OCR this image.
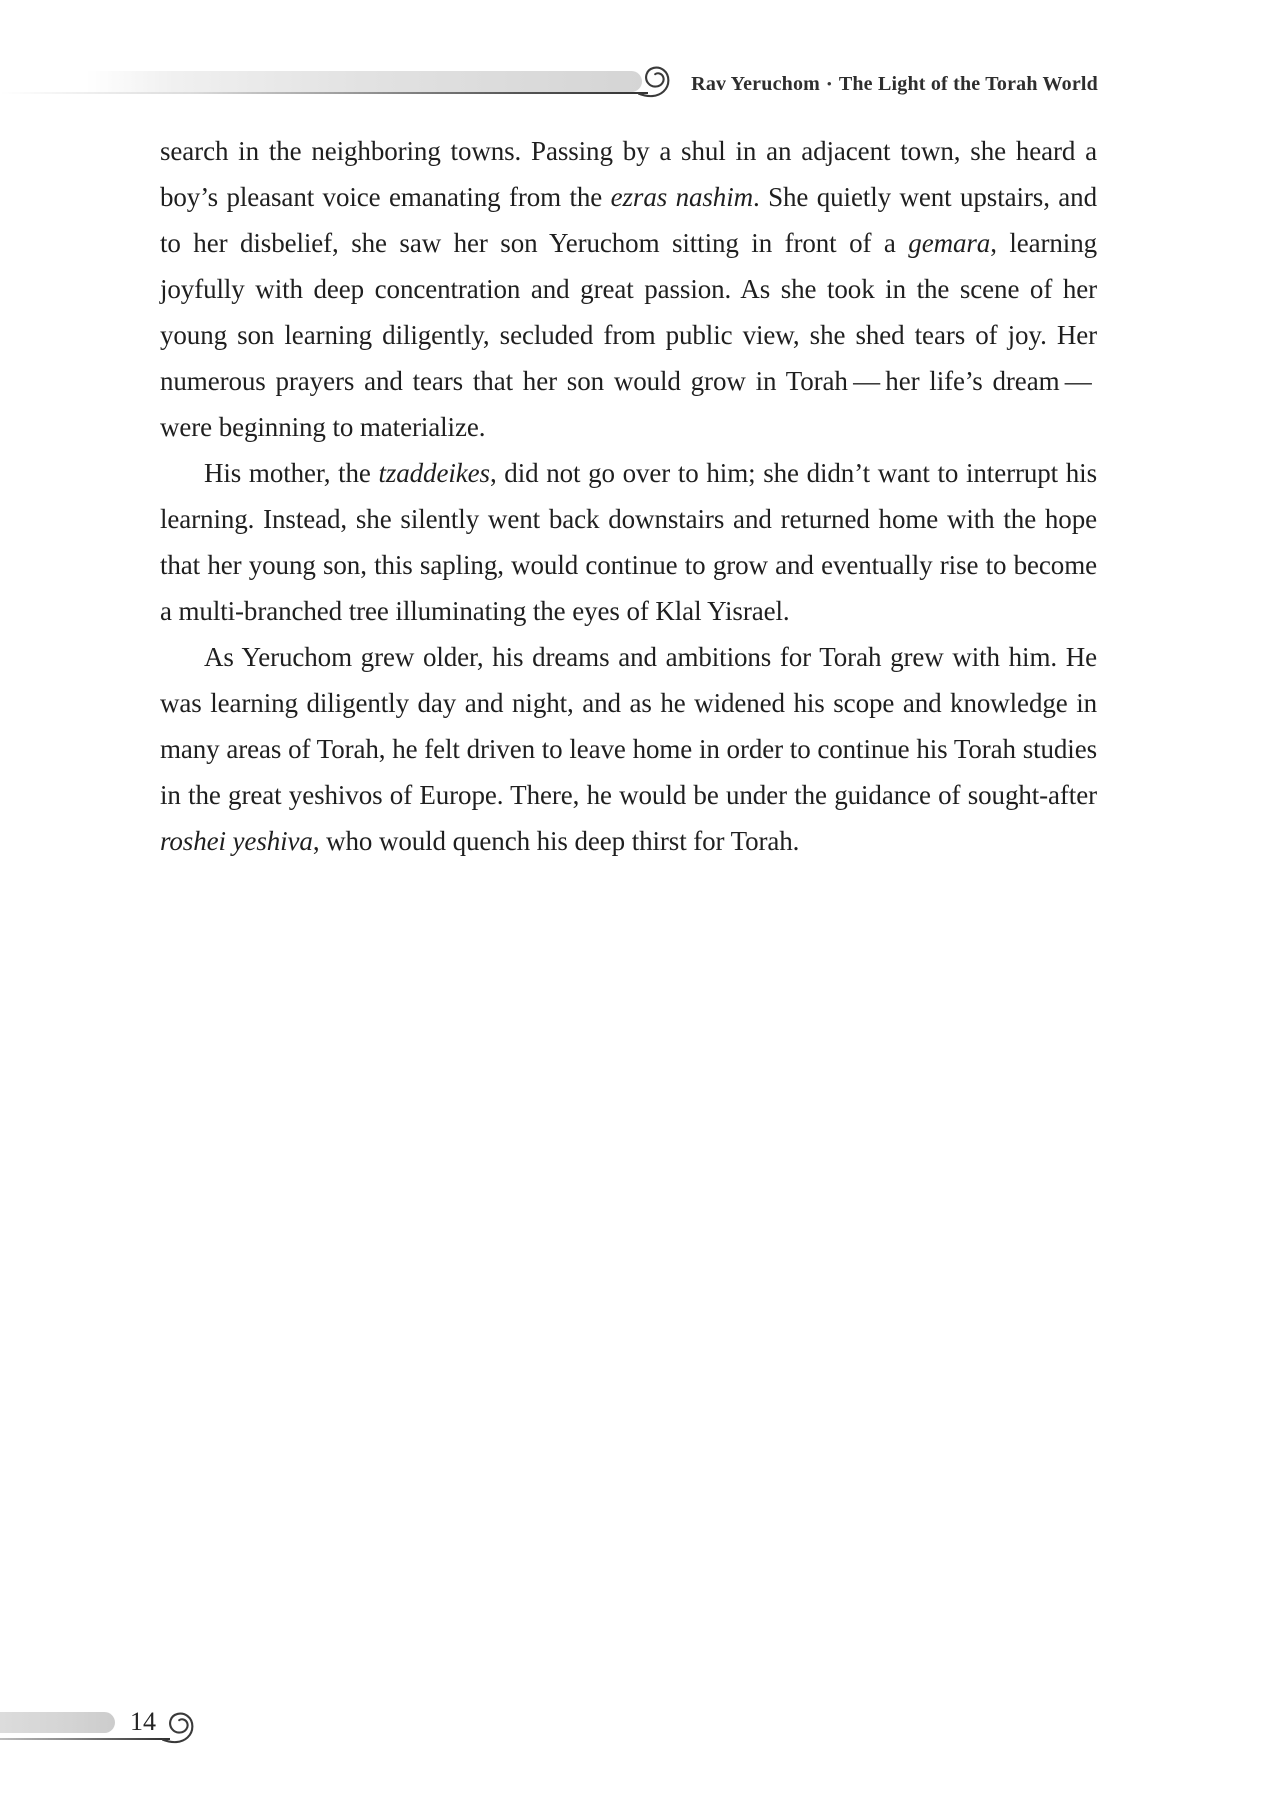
Rav Yeruchom • The Light of the Torah World

search in the neighboring towns. Passing by a shul in an adjacent town, she heard a boy’s pleasant voice emanating from the ezras nashim. She quietly went upstairs, and to her disbelief, she saw her son Yeruchom sitting in front of a gemara, learning joyfully with deep concentration and great passion. As she took in the scene of her young son learning diligently, secluded from public view, she shed tears of joy. Her numerous prayers and tears that her son would grow in Torah — her life’s dream — were beginning to materialize.

His mother, the tzaddeikes, did not go over to him; she didn’t want to interrupt his learning. Instead, she silently went back downstairs and returned home with the hope that her young son, this sapling, would continue to grow and eventually rise to become a multi-branched tree illuminating the eyes of Klal Yisrael.

As Yeruchom grew older, his dreams and ambitions for Torah grew with him. He was learning diligently day and night, and as he widened his scope and knowledge in many areas of Torah, he felt driven to leave home in order to continue his Torah studies in the great yeshivos of Europe. There, he would be under the guidance of sought-after roshei yeshiva, who would quench his deep thirst for Torah.

14
